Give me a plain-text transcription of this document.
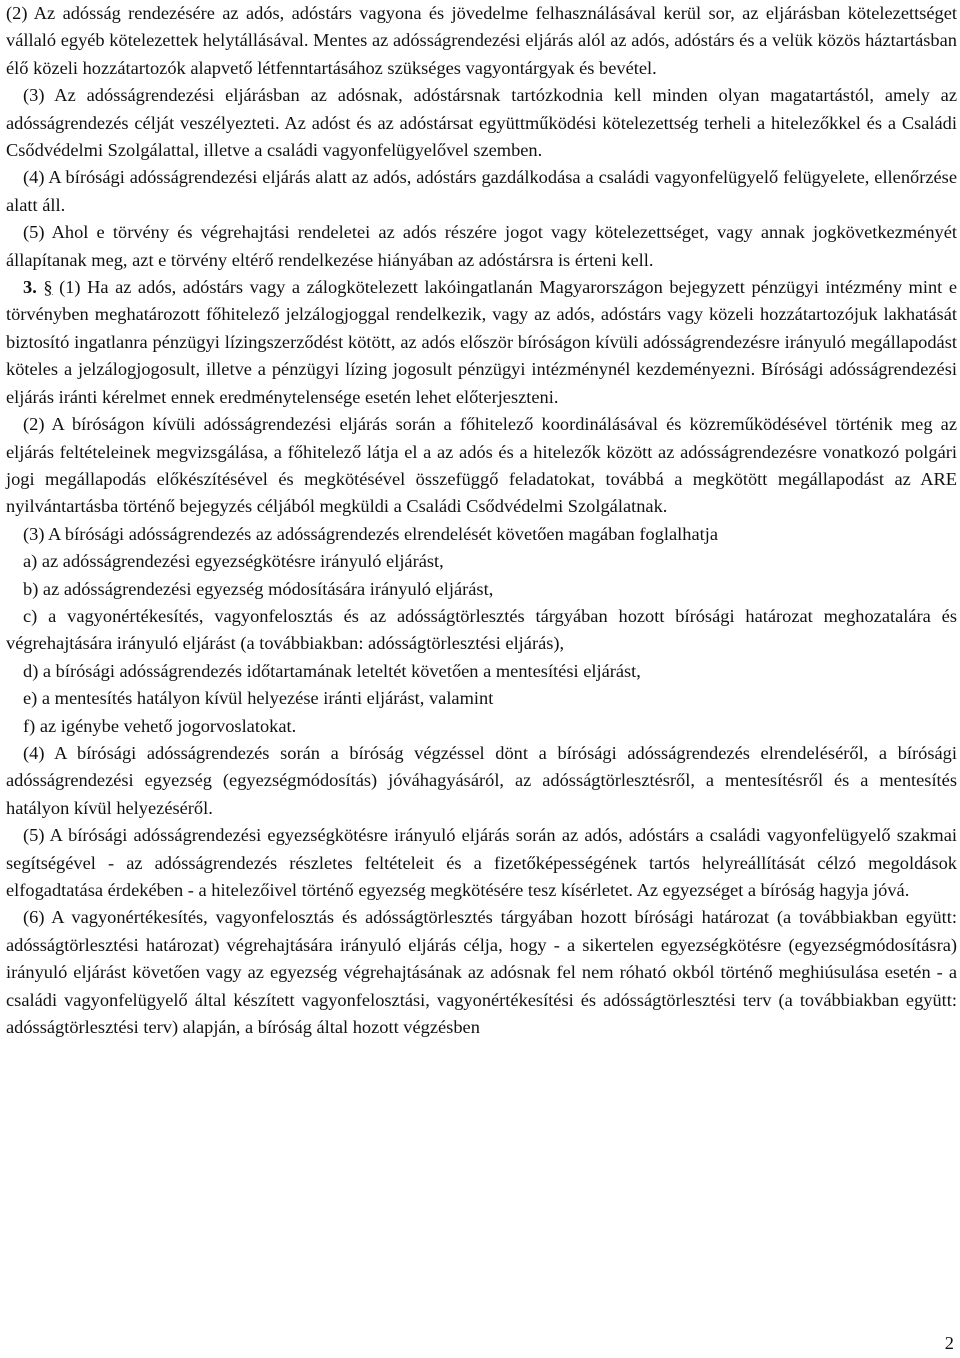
(2) Az adósság rendezésére az adós, adóstárs vagyona és jövedelme felhasználásával kerül sor, az eljárásban kötelezettséget vállaló egyéb kötelezettek helytállásával. Mentes az adósságrendezési eljárás alól az adós, adóstárs és a velük közös háztartásban élő közeli hozzátartozók alapvető létfenntartásához szükséges vagyontárgyak és bevétel.

(3) Az adósságrendezési eljárásban az adósnak, adóstársnak tartózkodnia kell minden olyan magatartástól, amely az adósságrendezés célját veszélyezteti. Az adóst és az adóstársat együttműködési kötelezettség terheli a hitelezőkkel és a Családi Csődvédelmi Szolgálattal, illetve a családi vagyonfelügyelővel szemben.

(4) A bírósági adósságrendezési eljárás alatt az adós, adóstárs gazdálkodása a családi vagyonfelügyelő felügyelete, ellenőrzése alatt áll.

(5) Ahol e törvény és végrehajtási rendeletei az adós részére jogot vagy kötelezettséget, vagy annak jogkövetkezményét állapítanak meg, azt e törvény eltérő rendelkezése hiányában az adóstársra is érteni kell.

3. § (1) Ha az adós, adóstárs vagy a zálogkötelezett lakóingatlanán Magyarországon bejegyzett pénzügyi intézmény mint e törvényben meghatározott főhitelező jelzálogjoggal rendelkezik, vagy az adós, adóstárs vagy közeli hozzátartozójuk lakhatását biztosító ingatlanra pénzügyi lízingszerződést kötött, az adós először bíróságon kívüli adósságrendezésre irányuló megállapodást köteles a jelzálogjogosult, illetve a pénzügyi lízing jogosult pénzügyi intézménynél kezdeményezni. Bírósági adósságrendezési eljárás iránti kérelmet ennek eredménytelensége esetén lehet előterjeszteni.

(2) A bíróságon kívüli adósságrendezési eljárás során a főhitelező koordinálásával és közreműködésével történik meg az eljárás feltételeinek megvizsgálása, a főhitelező látja el a az adós és a hitelezők között az adósságrendezésre vonatkozó polgári jogi megállapodás előkészítésével és megkötésével összefüggő feladatokat, továbbá a megkötött megállapodást az ARE nyilvántartásba történő bejegyzés céljából megküldi a Családi Csődvédelmi Szolgálatnak.

(3) A bírósági adósságrendezés az adósságrendezés elrendelését követően magában foglalhatja

a) az adósságrendezési egyezségkötésre irányuló eljárást,

b) az adósságrendezési egyezség módosítására irányuló eljárást,

c) a vagyonértékesítés, vagyonfelosztás és az adósságtörlesztés tárgyában hozott bírósági határozat meghozatalára és végrehajtására irányuló eljárást (a továbbiakban: adósságtörlesztési eljárás),

d) a bírósági adósságrendezés időtartamának leteltét követően a mentesítési eljárást,

e) a mentesítés hatályon kívül helyezése iránti eljárást, valamint

f) az igénybe vehető jogorvoslatokat.

(4) A bírósági adósságrendezés során a bíróság végzéssel dönt a bírósági adósságrendezés elrendeléséről, a bírósági adósságrendezési egyezség (egyezségmódosítás) jóváhagyásáról, az adósságtörlesztésről, a mentesítésről és a mentesítés hatályon kívül helyezéséről.

(5) A bírósági adósságrendezési egyezségkötésre irányuló eljárás során az adós, adóstárs a családi vagyonfelügyelő szakmai segítségével - az adósságrendezés részletes feltételeit és a fizetőképességének tartós helyreállítását célzó megoldások elfogadtatása érdekében - a hitelezőivel történő egyezség megkötésére tesz kísérletet. Az egyezséget a bíróság hagyja jóvá.

(6) A vagyonértékesítés, vagyonfelosztás és adósságtörlesztés tárgyában hozott bírósági határozat (a továbbiakban együtt: adósságtörlesztési határozat) végrehajtására irányuló eljárás célja, hogy - a sikertelen egyezségkötésre (egyezségmódosításra) irányuló eljárást követően vagy az egyezség végrehajtásának az adósnak fel nem róható okból történő meghiúsulása esetén - a családi vagyonfelügyelő által készített vagyonfelosztási, vagyonértékesítési és adósságtörlesztési terv (a továbbiakban együtt: adósságtörlesztési terv) alapján, a bíróság által hozott végzésben

2
